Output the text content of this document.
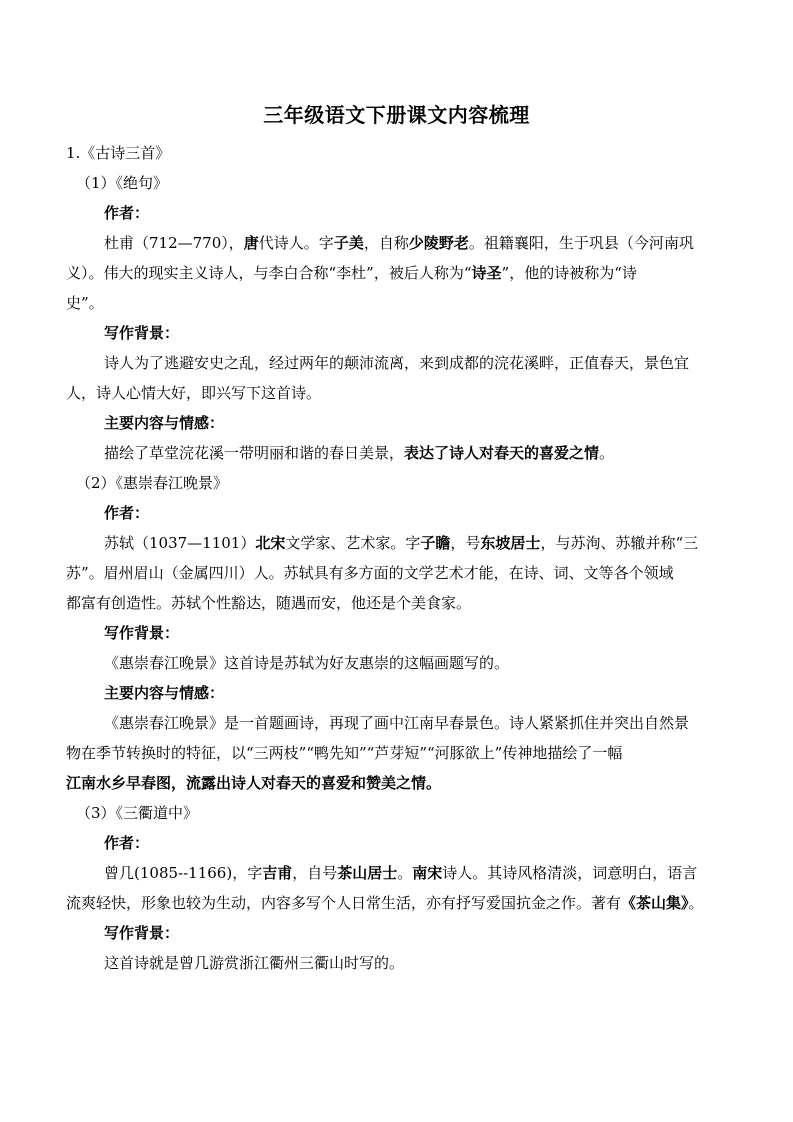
三年级语文下册课文内容梳理
1.《古诗三首》
（1）《绝句》
作者：
杜甫（712—770），唐代诗人。字子美，自称少陵野老。祖籍襄阳，生于巩县（今河南巩
义）。伟大的现实主义诗人，与李白合称“李杜”，被后人称为“诗圣”，他的诗被称为“诗
史”。
写作背景：
诗人为了逃避安史之乱，经过两年的颠沛流离，来到成都的浣花溪畔，正值春天，景色宜
人，诗人心情大好，即兴写下这首诗。
主要内容与情感：
描绘了草堂浣花溪一带明丽和谐的春日美景，表达了诗人对春天的喜爱之情。
（2）《惠崇春江晚景》
作者：
苏轼（1037—1101）北宋文学家、艺术家。字子瞻，号东坡居士，与苏洵、苏辙并称“三
苏”。眉州眉山（金属四川）人。苏轼具有多方面的文学艺术才能，在诗、词、文等各个领域
都富有创造性。苏轼个性豁达，随遇而安，他还是个美食家。
写作背景：
《惠崇春江晚景》这首诗是苏轼为好友惠崇的这幅画题写的。
主要内容与情感：
《惠崇春江晚景》是一首题画诗，再现了画中江南早春景色。诗人紧紧抓住并突出自然景
物在季节转换时的特征，以“三两枝”“鸭先知”“芦芽短”“河豚欲上”传神地描绘了一幅
江南水乡早春图，流露出诗人对春天的喜爱和赞美之情。
（3）《三衢道中》
作者：
曾几(1085--1166)，字吉甫，自号茶山居士。南宋诗人。其诗风格清淡，词意明白，语言
流爽轻快，形象也较为生动，内容多写个人日常生活，亦有抒写爱国抗金之作。著有《茶山集》。
写作背景：
这首诗就是曾几游赏浙江衢州三衢山时写的。
